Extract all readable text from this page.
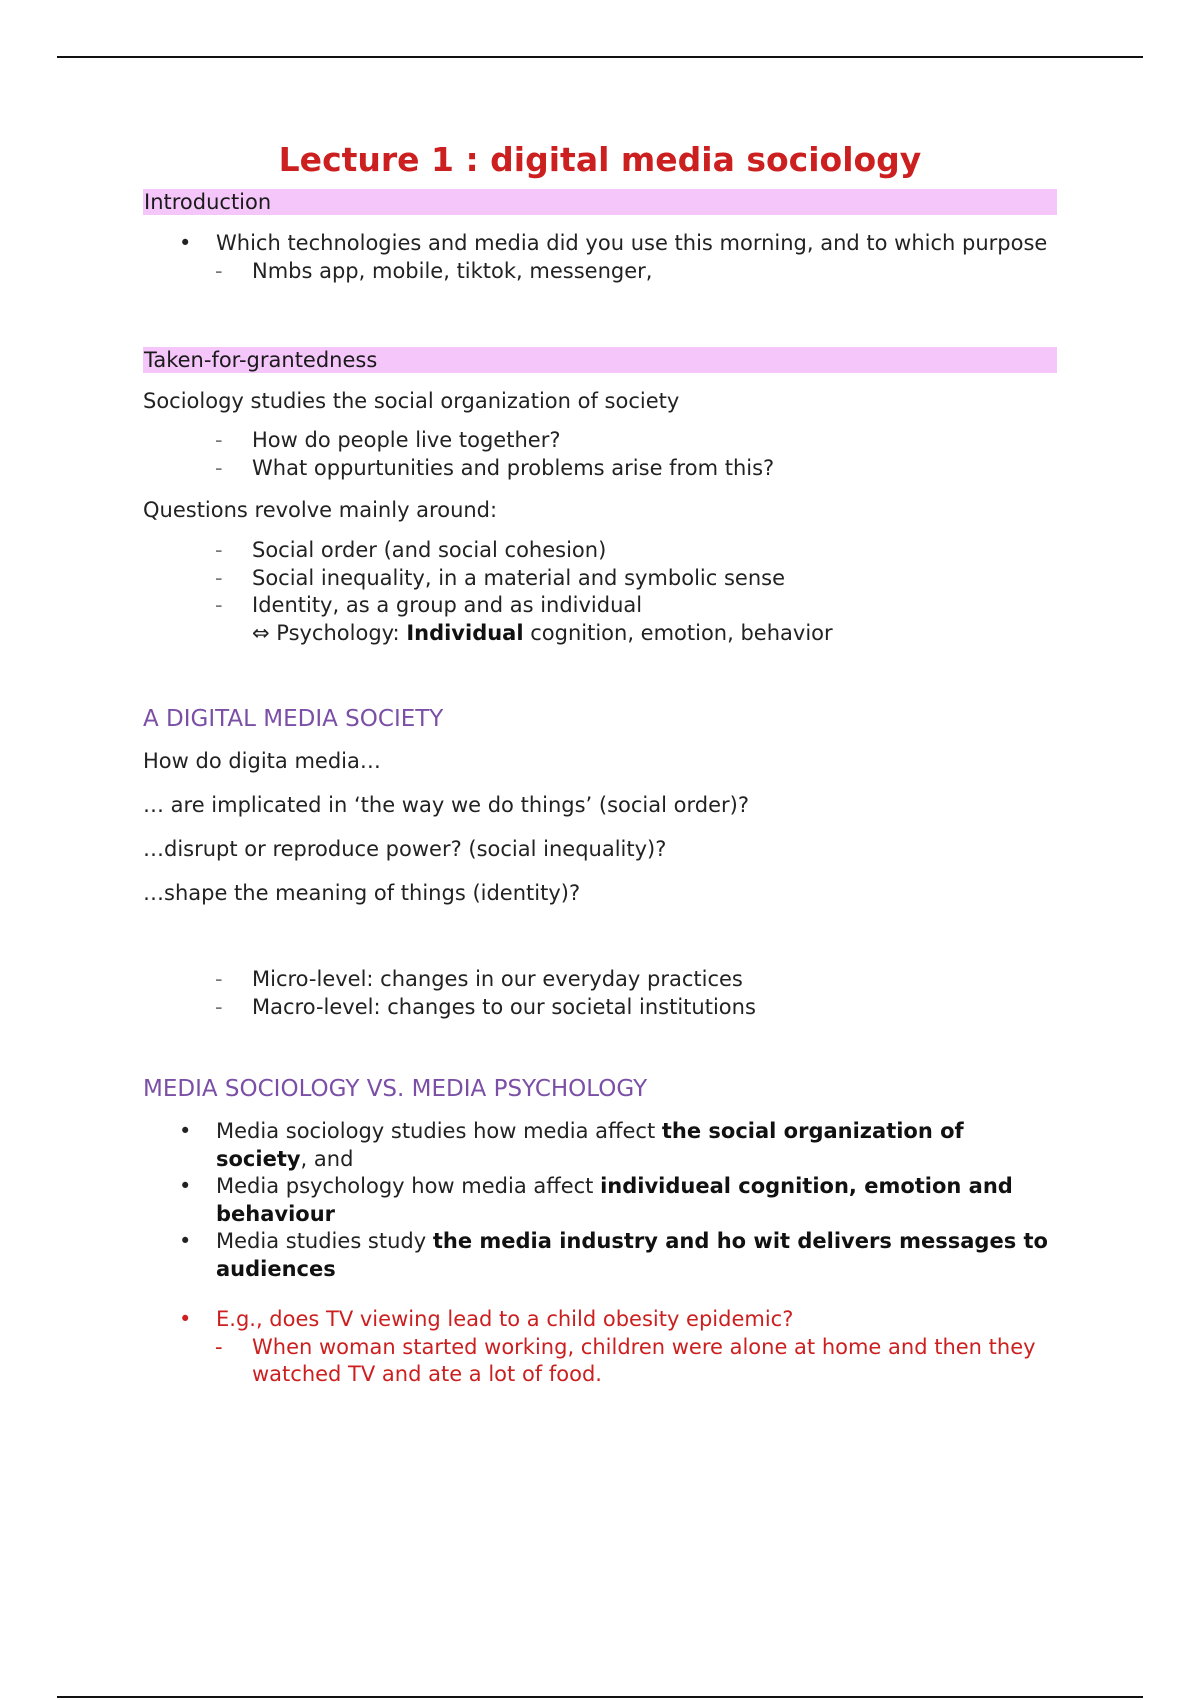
Lecture 1 : digital media sociology
Introduction
• Which technologies and media did you use this morning, and to which purpose
- Nmbs app, mobile, tiktok, messenger,
Taken-for-grantedness
Sociology studies the social organization of society
- How do people live together?
- What oppurtunities and problems arise from this?
Questions revolve mainly around:
- Social order (and social cohesion)
- Social inequality, in a material and symbolic sense
- Identity, as a group and as individual
⇔ Psychology: Individual cognition, emotion, behavior
A DIGITAL MEDIA SOCIETY
How do digita media…
… are implicated in ‘the way we do things’ (social order)?
…disrupt or reproduce power? (social inequality)?
…shape the meaning of things (identity)?
- Micro-level: changes in our everyday practices
- Macro-level: changes to our societal institutions
MEDIA SOCIOLOGY VS. MEDIA PSYCHOLOGY
• Media sociology studies how media affect the social organization of society, and
• Media psychology how media affect individueal cognition, emotion and behaviour
• Media studies study the media industry and ho wit delivers messages to audiences
• E.g., does TV viewing lead to a child obesity epidemic?
- When woman started working, children were alone at home and then they watched TV and ate a lot of food.
